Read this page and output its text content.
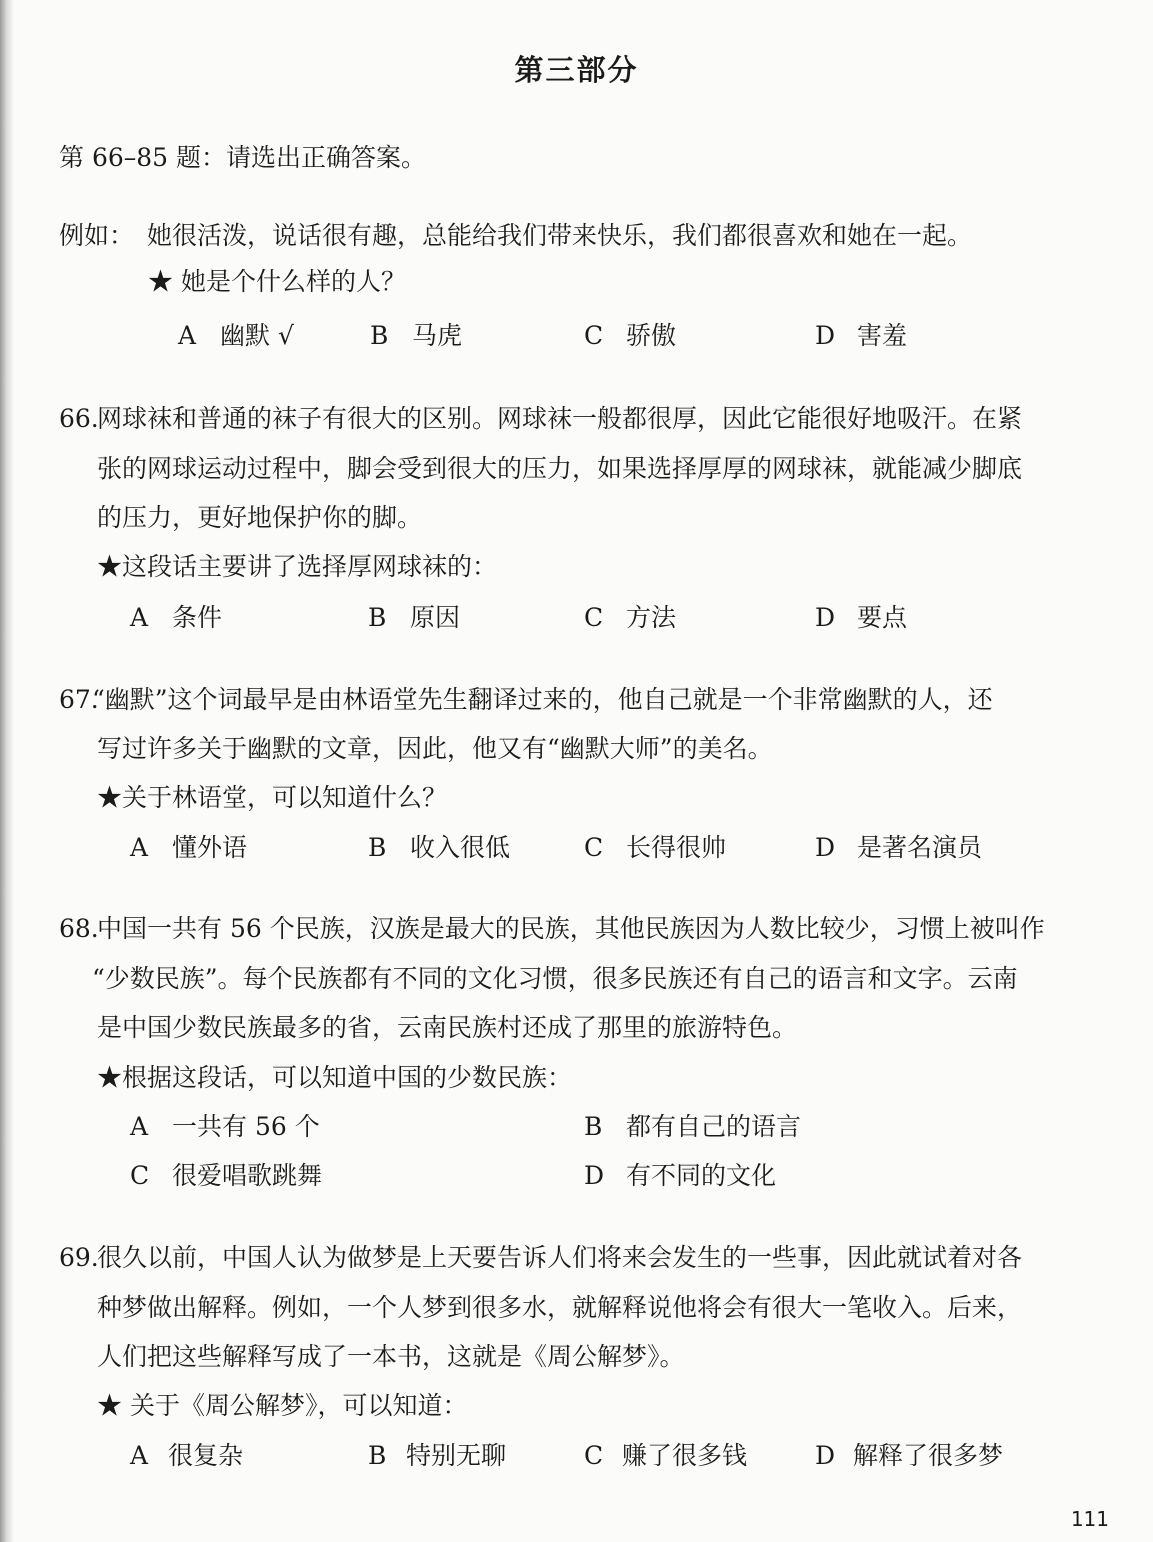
第三部分
第 66–85 题：请选出正确答案。
例如： 她很活泼，说话很有趣，总能给我们带来快乐，我们都很喜欢和她在一起。
★ 她是个什么样的人？
A 幽默 √	B 马虎	C 骄傲	D 害羞
66.
网球袜和普通的袜子有很大的区别。网球袜一般都很厚，因此它能很好地吸汗。在紧
张的网球运动过程中，脚会受到很大的压力，如果选择厚厚的网球袜，就能减少脚底
的压力，更好地保护你的脚。
★这段话主要讲了选择厚网球袜的：
A 条件	B 原因	C 方法	D 要点
67.
“幽默”这个词最早是由林语堂先生翻译过来的，他自己就是一个非常幽默的人，还
写过许多关于幽默的文章，因此，他又有“幽默大师”的美名。
★关于林语堂，可以知道什么？
A 懂外语	B 收入很低	C 长得很帅	D 是著名演员
68.
中国一共有 56 个民族，汉族是最大的民族，其他民族因为人数比较少，习惯上被叫作
“少数民族”。每个民族都有不同的文化习惯，很多民族还有自己的语言和文字。云南
是中国少数民族最多的省，云南民族村还成了那里的旅游特色。
★根据这段话，可以知道中国的少数民族：
A 一共有 56 个	B 都有自己的语言
C 很爱唱歌跳舞	D 有不同的文化
69.
很久以前，中国人认为做梦是上天要告诉人们将来会发生的一些事，因此就试着对各
种梦做出解释。例如，一个人梦到很多水，就解释说他将会有很大一笔收入。后来，
人们把这些解释写成了一本书，这就是《周公解梦》。
★ 关于《周公解梦》，可以知道：
A 很复杂	B 特别无聊	C 赚了很多钱	D 解释了很多梦
111
